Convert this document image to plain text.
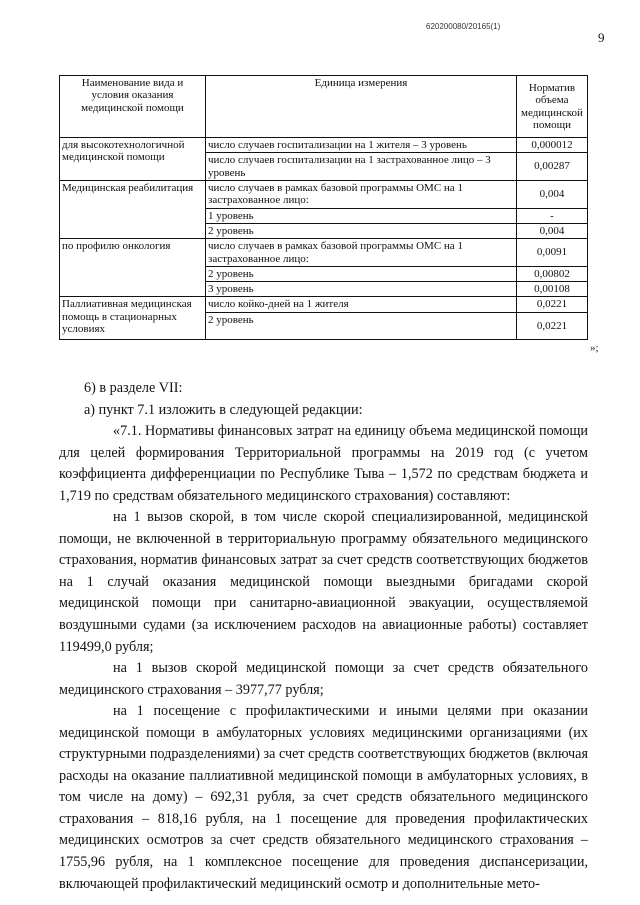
620200080/20165(1)
9
Наименование вида и условия оказания медицинской помощи	Единица измерения	Норматив объема медицинской помощи
для высокотехнологичной медицинской помощи	число случаев госпитализации на 1 жителя – 3 уровень	0,000012
	число случаев госпитализации на 1 застрахованное лицо – 3 уровень	0,00287
Медицинская реабилитация	число случаев в рамках базовой программы ОМС на 1 застрахованное лицо:	0,004
	1 уровень	-
	2 уровень	0,004
по профилю онкология	число случаев в рамках базовой программы ОМС на 1 застрахованное лицо:	0,0091
	2 уровень	0,00802
	3 уровень	0,00108
Паллиативная медицинская помощь в стационарных условиях	число койко-дней на 1 жителя	0,0221
	2 уровень	0,0221
»;

6) в разделе VII:

а) пункт 7.1 изложить в следующей редакции:

«7.1. Нормативы финансовых затрат на единицу объема медицинской помощи для целей формирования Территориальной программы на 2019 год (с учетом коэффициента дифференциации по Республике Тыва – 1,572 по средствам бюджета и 1,719 по средствам обязательного медицинского страхования) составляют:

на 1 вызов скорой, в том числе скорой специализированной, медицинской помощи, не включенной в территориальную программу обязательного медицинского страхования, норматив финансовых затрат за счет средств соответствующих бюджетов на 1 случай оказания медицинской помощи выездными бригадами скорой медицинской помощи при санитарно-авиационной эвакуации, осуществляемой воздушными судами (за исключением расходов на авиационные работы) составляет 119499,0 рубля;

на 1 вызов скорой медицинской помощи за счет средств обязательного медицинского страхования – 3977,77 рубля;

на 1 посещение с профилактическими и иными целями при оказании медицинской помощи в амбулаторных условиях медицинскими организациями (их структурными подразделениями) за счет средств соответствующих бюджетов (включая расходы на оказание паллиативной медицинской помощи в амбулаторных условиях, в том числе на дому) – 692,31 рубля, за счет средств обязательного медицинского страхования – 818,16 рубля, на 1 посещение для проведения профилактических медицинских осмотров за счет средств обязательного медицинского страхования – 1755,96 рубля, на 1 комплексное посещение для проведения диспансеризации, включающей профилактический медицинский осмотр и дополнительные мето-
